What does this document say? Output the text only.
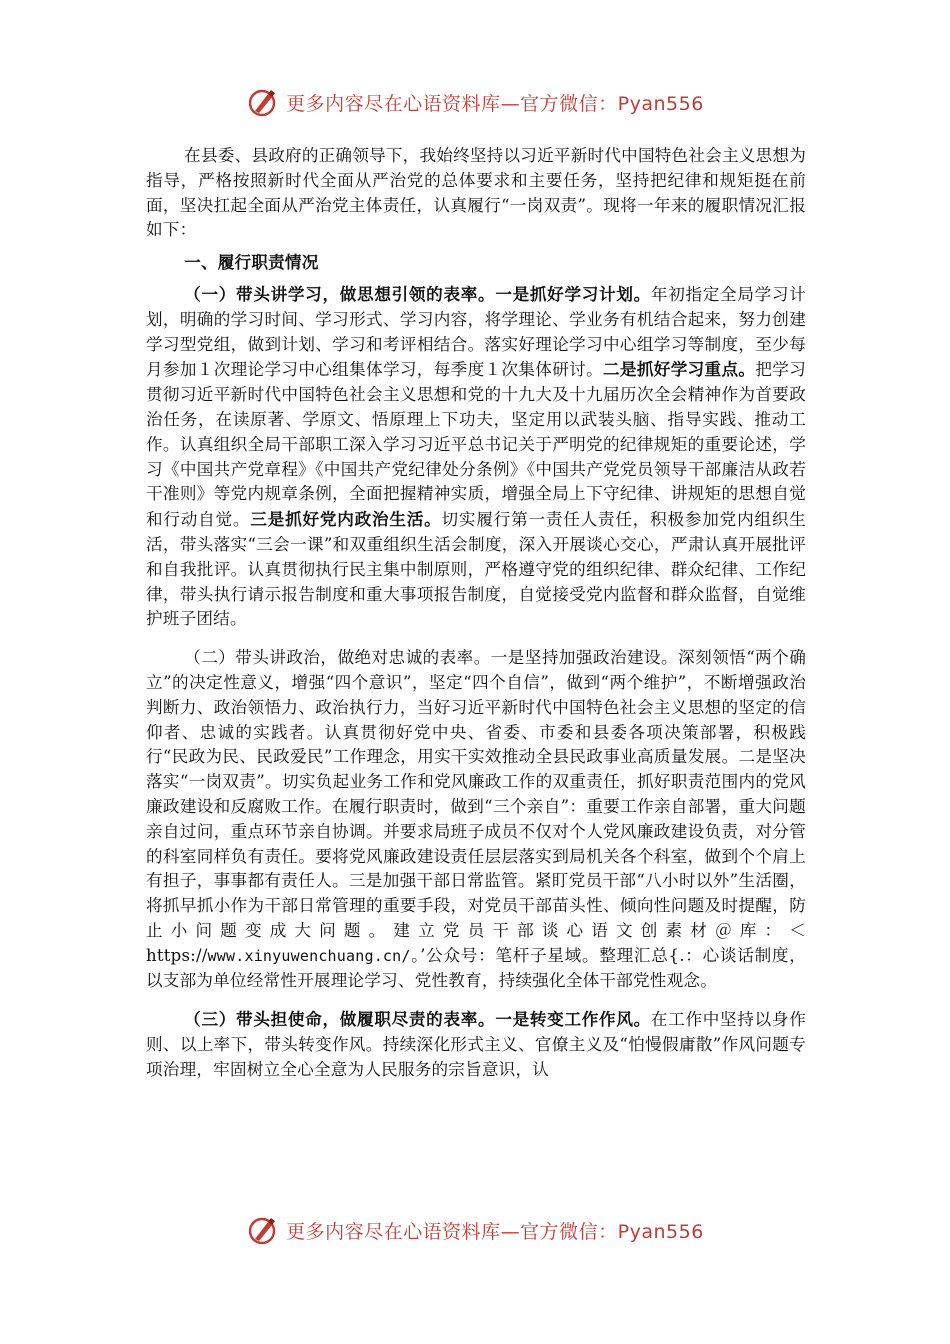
更多内容尽在心语资料库—官方微信：Pyan556

在县委、县政府的正确领导下，我始终坚持以习近平新时代中国特色社会主义思想为指导，严格按照新时代全面从严治党的总体要求和主要任务，坚持把纪律和规矩挺在前面，坚决扛起全面从严治党主体责任，认真履行“一岗双责”。现将一年来的履职情况汇报如下：

一、履行职责情况

（一）带头讲学习，做思想引领的表率。一是抓好学习计划。年初指定全局学习计划，明确的学习时间、学习形式、学习内容，将学理论、学业务有机结合起来，努力创建学习型党组，做到计划、学习和考评相结合。落实好理论学习中心组学习等制度，至少每月参加１次理论学习中心组集体学习，每季度１次集体研讨。二是抓好学习重点。把学习贯彻习近平新时代中国特色社会主义思想和党的十九大及十九届历次全会精神作为首要政治任务，在读原著、学原文、悟原理上下功夫，坚定用以武装头脑、指导实践、推动工作。认真组织全局干部职工深入学习习近平总书记关于严明党的纪律规矩的重要论述，学习《中国共产党章程》《中国共产党纪律处分条例》《中国共产党党员领导干部廉洁从政若干准则》等党内规章条例，全面把握精神实质，增强全局上下守纪律、讲规矩的思想自觉和行动自觉。三是抓好党内政治生活。切实履行第一责任人责任，积极参加党内组织生活，带头落实“三会一课”和双重组织生活会制度，深入开展谈心交心，严肃认真开展批评和自我批评。认真贯彻执行民主集中制原则，严格遵守党的组织纪律、群众纪律、工作纪律，带头执行请示报告制度和重大事项报告制度，自觉接受党内监督和群众监督，自觉维护班子团结。

（二）带头讲政治，做绝对忠诚的表率。一是坚持加强政治建设。深刻领悟“两个确立”的决定性意义，增强“四个意识”，坚定“四个自信”，做到“两个维护”，不断增强政治判断力、政治领悟力、政治执行力，当好习近平新时代中国特色社会主义思想的坚定的信仰者、忠诚的实践者。认真贯彻好党中央、省委、市委和县委各项决策部署，积极践行“民政为民、民政爱民”工作理念，用实干实效推动全县民政事业高质量发展。二是坚决落实“一岗双责”。切实负起业务工作和党风廉政工作的双重责任，抓好职责范围内的党风廉政建设和反腐败工作。在履行职责时，做到“三个亲自”：重要工作亲自部署，重大问题亲自过问，重点环节亲自协调。并要求局班子成员不仅对个人党风廉政建设负责，对分管的科室同样负有责任。要将党风廉政建设责任层层落实到局机关各个科室，做到个个肩上有担子，事事都有责任人。三是加强干部日常监管。紧盯党员干部“八小时以外”生活圈，将抓早抓小作为干部日常管理的重要手段，对党员干部苗头性、倾向性问题及时提醒，防止小问题变成大问题。建立党员干部谈心语文创素材＠库：＜https://www.xinyuwenchuang.cn/。’公众号：笔杆子星域。整理汇总{.：心谈话制度，以支部为单位经常性开展理论学习、党性教育，持续强化全体干部党性观念。

（三）带头担使命，做履职尽责的表率。一是转变工作作风。在工作中坚持以身作则、以上率下，带头转变作风。持续深化形式主义、官僚主义及“怕慢假庸散”作风问题专项治理，牢固树立全心全意为人民服务的宗旨意识，认

更多内容尽在心语资料库—官方微信：Pyan556
